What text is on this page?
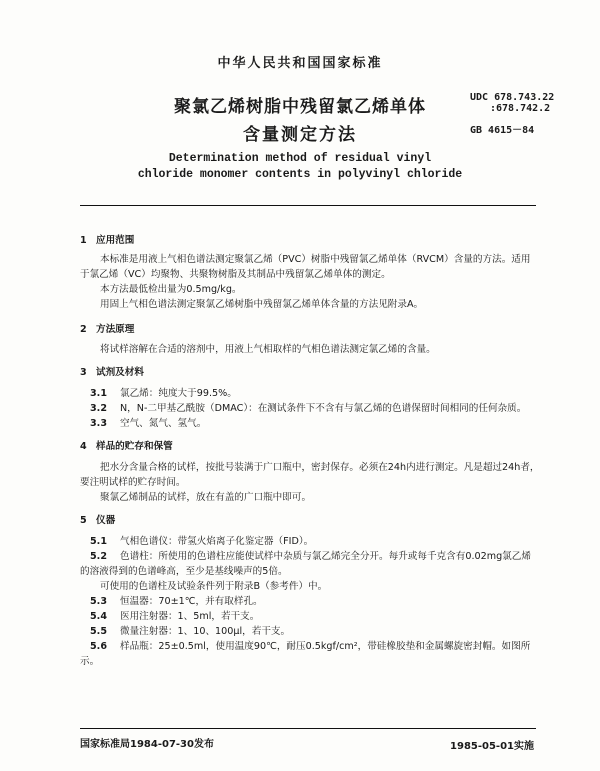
中华人民共和国国家标准
聚氯乙烯树脂中残留氯乙烯单体
含量测定方法
UDC 678.743.22
:678.742.2
GB 4615－84
Determination method of residual vinyl
chloride monomer contents in polyvinyl chloride
1 应用范围
本标准是用液上气相色谱法测定聚氯乙烯（PVC）树脂中残留氯乙烯单体（RVCM）含量的方法。适用于氯乙烯（VC）均聚物、共聚物树脂及其制品中残留氯乙烯单体的测定。
本方法最低检出量为0.5mg/kg。
用固上气相色谱法测定聚氯乙烯树脂中残留氯乙烯单体含量的方法见附录A。
2 方法原理
将试样溶解在合适的溶剂中，用液上气相取样的气相色谱法测定氯乙烯的含量。
3 试剂及材料
3.1 氯乙烯：纯度大于99.5%。
3.2 N，N-二甲基乙酰胺（DMAC）：在测试条件下不含有与氯乙烯的色谱保留时间相同的任何杂质。
3.3 空气、氮气、氢气。
4 样品的贮存和保管
把水分含量合格的试样，按批号装满于广口瓶中，密封保存。必须在24h内进行测定。凡是超过24h者，要注明试样的贮存时间。
聚氯乙烯制品的试样，放在有盖的广口瓶中即可。
5 仪器
5.1 气相色谱仪：带氢火焰离子化鉴定器（FID）。
5.2 色谱柱：所使用的色谱柱应能使试样中杂质与氯乙烯完全分开。每升或每千克含有0.02mg氯乙烯的溶液得到的色谱峰高，至少是基线噪声的5倍。
可使用的色谱柱及试验条件列于附录B（参考件）中。
5.3 恒温器：70±1℃，并有取样孔。
5.4 医用注射器：1、5ml，若干支。
5.5 微量注射器：1、10、100μl，若干支。
5.6 样品瓶：25±0.5ml，使用温度90℃，耐压0.5kgf/cm²，带硅橡胶垫和金属螺旋密封帽。如图所示。
国家标准局1984-07-30发布	1985-05-01实施
